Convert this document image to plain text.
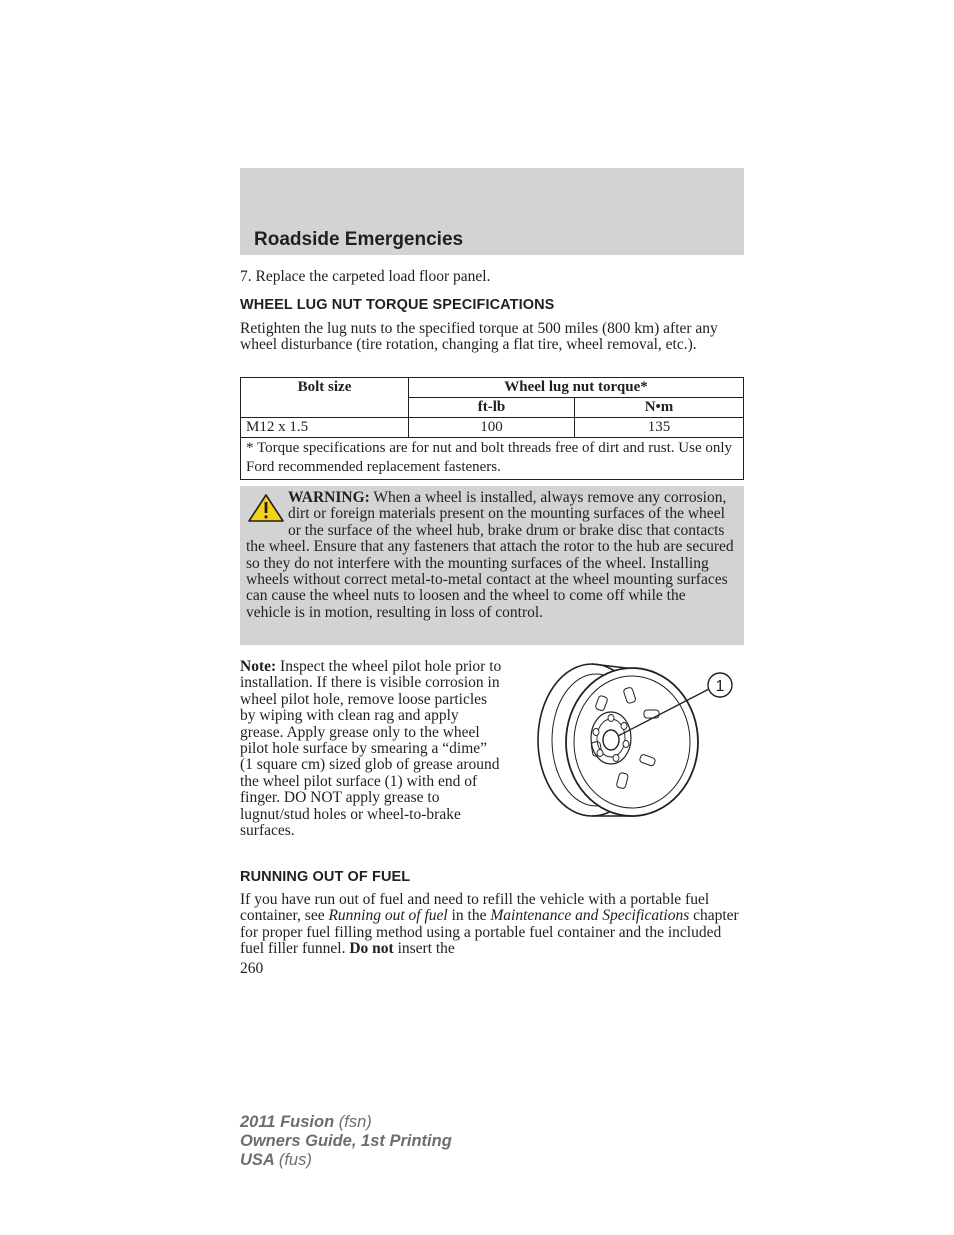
Roadside Emergencies
7. Replace the carpeted load floor panel.
WHEEL LUG NUT TORQUE SPECIFICATIONS
Retighten the lug nuts to the specified torque at 500 miles (800 km) after any wheel disturbance (tire rotation, changing a flat tire, wheel removal, etc.).
Bolt size	Wheel lug nut torque*	
	ft-lb	N•m
M12 x 1.5	100	135
* Torque specifications are for nut and bolt threads free of dirt and rust. Use only Ford recommended replacement fasteners.		
WARNING: When a wheel is installed, always remove any corrosion, dirt or foreign materials present on the mounting surfaces of the wheel or the surface of the wheel hub, brake drum or brake disc that contacts the wheel. Ensure that any fasteners that attach the rotor to the hub are secured so they do not interfere with the mounting surfaces of the wheel. Installing wheels without correct metal-to-metal contact at the wheel mounting surfaces can cause the wheel nuts to loosen and the wheel to come off while the vehicle is in motion, resulting in loss of control.
Note: Inspect the wheel pilot hole prior to installation. If there is visible corrosion in wheel pilot hole, remove loose particles by wiping with clean rag and apply grease. Apply grease only to the wheel pilot hole surface by smearing a “dime” (1 square cm) sized glob of grease around the wheel pilot surface (1) with end of finger. DO NOT apply grease to lugnut/stud holes or wheel-to-brake surfaces.
1
RUNNING OUT OF FUEL
If you have run out of fuel and need to refill the vehicle with a portable fuel container, see Running out of fuel in the Maintenance and Specifications chapter for proper fuel filling method using a portable fuel container and the included fuel filler funnel. Do not insert the
260
2011 Fusion (fsn)
Owners Guide, 1st Printing
USA (fus)
